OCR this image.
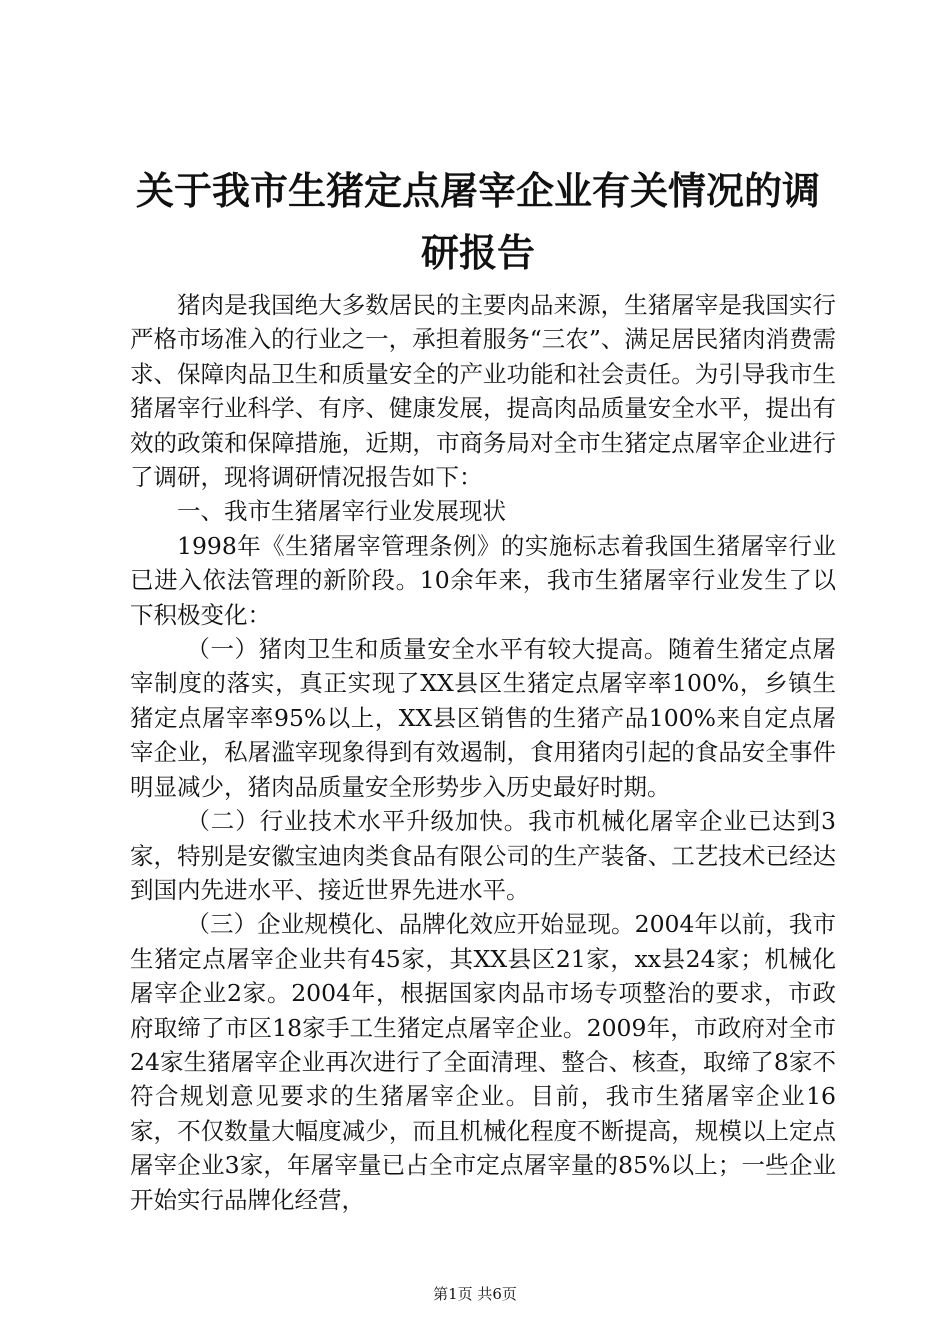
关于我市生猪定点屠宰企业有关情况的调研报告

猪肉是我国绝大多数居民的主要肉品来源，生猪屠宰是我国实行严格市场准入的行业之一，承担着服务“三农”、满足居民猪肉消费需求、保障肉品卫生和质量安全的产业功能和社会责任。为引导我市生猪屠宰行业科学、有序、健康发展，提高肉品质量安全水平，提出有效的政策和保障措施，近期，市商务局对全市生猪定点屠宰企业进行了调研，现将调研情况报告如下：

一、我市生猪屠宰行业发展现状

1998年《生猪屠宰管理条例》的实施标志着我国生猪屠宰行业已进入依法管理的新阶段。10余年来，我市生猪屠宰行业发生了以下积极变化：

（一）猪肉卫生和质量安全水平有较大提高。随着生猪定点屠宰制度的落实，真正实现了XX县区生猪定点屠宰率100%，乡镇生猪定点屠宰率95%以上，XX县区销售的生猪产品100%来自定点屠宰企业，私屠滥宰现象得到有效遏制，食用猪肉引起的食品安全事件明显减少，猪肉品质量安全形势步入历史最好时期。

（二）行业技术水平升级加快。我市机械化屠宰企业已达到3家，特别是安徽宝迪肉类食品有限公司的生产装备、工艺技术已经达到国内先进水平、接近世界先进水平。

（三）企业规模化、品牌化效应开始显现。2004年以前，我市生猪定点屠宰企业共有45家，其XX县区21家，xx县24家；机械化屠宰企业2家。2004年，根据国家肉品市场专项整治的要求，市政府取缔了市区18家手工生猪定点屠宰企业。2009年，市政府对全市24家生猪屠宰企业再次进行了全面清理、整合、核查，取缔了8家不符合规划意见要求的生猪屠宰企业。目前，我市生猪屠宰企业16家，不仅数量大幅度减少，而且机械化程度不断提高，规模以上定点屠宰企业3家，年屠宰量已占全市定点屠宰量的85%以上；一些企业开始实行品牌化经营，

第1页 共6页
